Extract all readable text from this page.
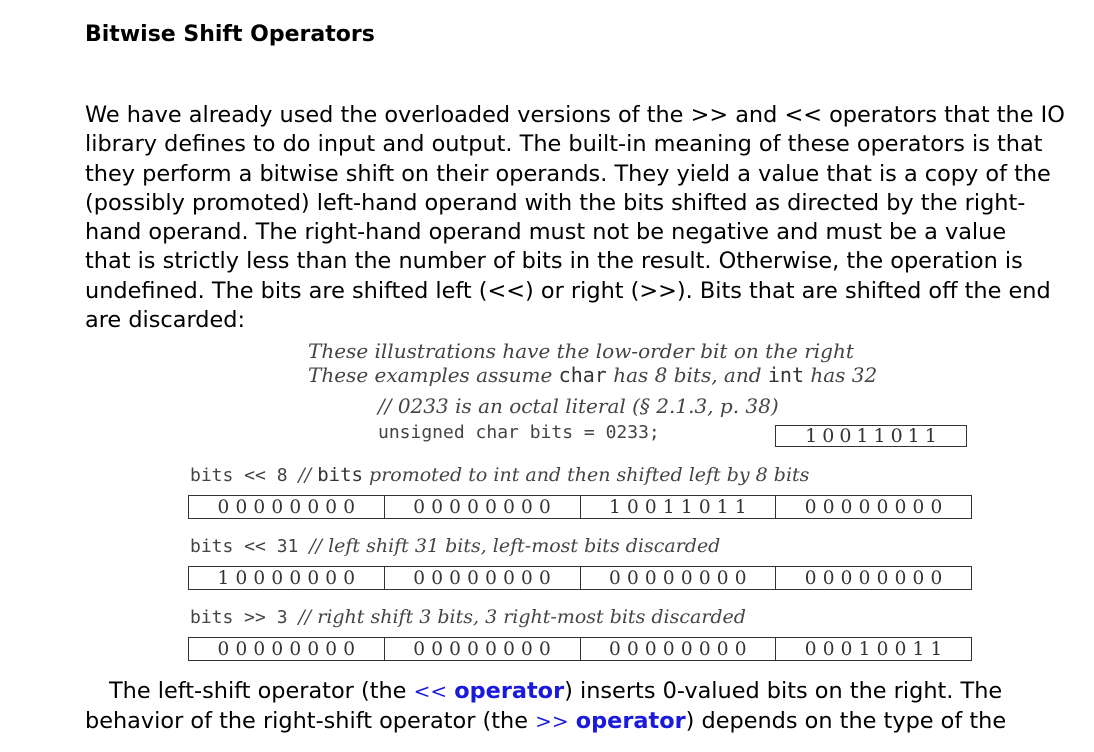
Bitwise Shift Operators

We have already used the overloaded versions of the >> and << operators that the IO
library defines to do input and output. The built-in meaning of these operators is that
they perform a bitwise shift on their operands. They yield a value that is a copy of the
(possibly promoted) left-hand operand with the bits shifted as directed by the right-
hand operand. The right-hand operand must not be negative and must be a value
that is strictly less than the number of bits in the result. Otherwise, the operation is
undefined. The bits are shifted left (<<) or right (>>). Bits that are shifted off the end
are discarded:

These illustrations have the low-order bit on the right

These examples assume char has 8 bits, and int has 32

// 0233 is an octal literal (§ 2.1.3, p. 38)

unsigned char bits = 0233;	10011011
bits << 8 // bits promoted to int and then shifted left by 8 bits
00000000	00000000	10011011	00000000
bits << 31 // left shift 31 bits, left-most bits discarded
10000000	00000000	00000000	00000000
bits >> 3 // right shift 3 bits, 3 right-most bits discarded
00000000	00000000	00000000	00010011

The left-shift operator (the << operator) inserts 0-valued bits on the right. The
behavior of the right-shift operator (the >> operator) depends on the type of the
